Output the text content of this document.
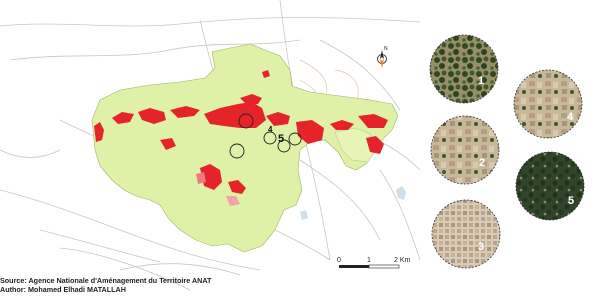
4
5
N
0	1	2 Km
1
2
3
4
5
Source: Agence Nationale d'Aménagement du Territoire ANAT
Author: Mohamed Elhadi MATALLAH
